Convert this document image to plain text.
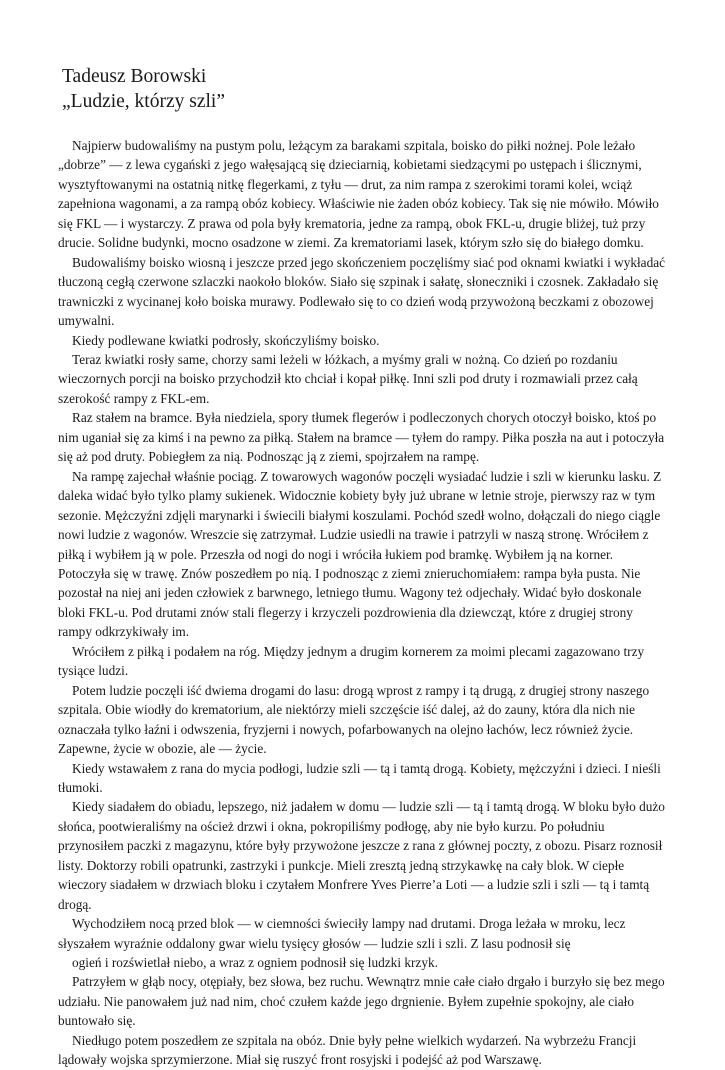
Tadeusz Borowski
„Ludzie, którzy szli”

Najpierw budowaliśmy na pustym polu, leżącym za barakami szpitala, boisko do piłki nożnej. Pole leżało „dobrze” — z lewa cygański z jego wałęsającą się dzieciarnią, kobietami siedzącymi po ustępach i ślicznymi, wysztyftowanymi na ostatnią nitkę flegerkami, z tyłu — drut, za nim rampa z szerokimi torami kolei, wciąż zapełniona wagonami, a za rampą obóz kobiecy. Właściwie nie żaden obóz kobiecy. Tak się nie mówiło. Mówiło się FKL — i wystarczy. Z prawa od pola były krematoria, jedne za rampą, obok FKL-u, drugie bliżej, tuż przy drucie. Solidne budynki, mocno osadzone w ziemi. Za krematoriami lasek, którym szło się do białego domku.

Budowaliśmy boisko wiosną i jeszcze przed jego skończeniem poczęliśmy siać pod oknami kwiatki i wykładać tłuczoną cegłą czerwone szlaczki naokoło bloków. Siało się szpinak i sałatę, słoneczniki i czosnek. Zakładało się trawniczki z wycinanej koło boiska murawy. Podlewało się to co dzień wodą przywożoną beczkami z obozowej umywalni.

Kiedy podlewane kwiatki podrosły, skończyliśmy boisko.

Teraz kwiatki rosły same, chorzy sami leżeli w łóżkach, a myśmy grali w nożną. Co dzień po rozdaniu wieczornych porcji na boisko przychodził kto chciał i kopał piłkę. Inni szli pod druty i rozmawiali przez całą szerokość rampy z FKL-em.

Raz stałem na bramce. Była niedziela, spory tłumek flegerów i podleczonych chorych otoczył boisko, ktoś po nim uganiał się za kimś i na pewno za piłką. Stałem na bramce — tyłem do rampy. Piłka poszła na aut i potoczyła się aż pod druty. Pobiegłem za nią. Podnosząc ją z ziemi, spojrzałem na rampę.

Na rampę zajechał właśnie pociąg. Z towarowych wagonów poczęli wysiadać ludzie i szli w kierunku lasku. Z daleka widać było tylko plamy sukienek. Widocznie kobiety były już ubrane w letnie stroje, pierwszy raz w tym sezonie. Mężczyźni zdjęli marynarki i świecili białymi koszulami. Pochód szedł wolno, dołączali do niego ciągle nowi ludzie z wagonów. Wreszcie się zatrzymał. Ludzie usiedli na trawie i patrzyli w naszą stronę. Wróciłem z piłką i wybiłem ją w pole. Przeszła od nogi do nogi i wróciła łukiem pod bramkę. Wybiłem ją na korner. Potoczyła się w trawę. Znów poszedłem po nią. I podnosząc z ziemi znieruchomiałem: rampa była pusta. Nie pozostał na niej ani jeden człowiek z barwnego, letniego tłumu. Wagony też odjechały. Widać było doskonale bloki FKL-u. Pod drutami znów stali flegerzy i krzyczeli pozdrowienia dla dziewcząt, które z drugiej strony rampy odkrzykiwały im.

Wróciłem z piłką i podałem na róg. Między jednym a drugim kornerem za moimi plecami zagazowano trzy tysiące ludzi.

Potem ludzie poczęli iść dwiema drogami do lasu: drogą wprost z rampy i tą drugą, z drugiej strony naszego szpitala. Obie wiodły do krematorium, ale niektórzy mieli szczęście iść dalej, aż do zauny, która dla nich nie oznaczała tylko łaźni i odwszenia, fryzjerni i nowych, pofarbowanych na olejno łachów, lecz również życie. Zapewne, życie w obozie, ale — życie.

Kiedy wstawałem z rana do mycia podłogi, ludzie szli — tą i tamtą drogą. Kobiety, mężczyźni i dzieci. I nieśli tłumoki.

Kiedy siadałem do obiadu, lepszego, niż jadałem w domu — ludzie szli — tą i tamtą drogą. W bloku było dużo słońca, pootwieraliśmy na oścież drzwi i okna, pokropiliśmy podłogę, aby nie było kurzu. Po południu przynosiłem paczki z magazynu, które były przywożone jeszcze z rana z głównej poczty, z obozu. Pisarz roznosił listy. Doktorzy robili opatrunki, zastrzyki i punkcje. Mieli zresztą jedną strzykawkę na cały blok. W ciepłe wieczory siadałem w drzwiach bloku i czytałem Monfrere Yves Pierre’a Loti — a ludzie szli i szli — tą i tamtą drogą.

Wychodziłem nocą przed blok — w ciemności świeciły lampy nad drutami. Droga leżała w mroku, lecz słyszałem wyraźnie oddalony gwar wielu tysięcy głosów — ludzie szli i szli. Z lasu podnosił się

ogień i rozświetlał niebo, a wraz z ogniem podnosił się ludzki krzyk.

Patrzyłem w głąb nocy, otępiały, bez słowa, bez ruchu. Wewnątrz mnie całe ciało drgało i burzyło się bez mego udziału. Nie panowałem już nad nim, choć czułem każde jego drgnienie. Byłem zupełnie spokojny, ale ciało buntowało się.

Niedługo potem poszedłem ze szpitala na obóz. Dnie były pełne wielkich wydarzeń. Na wybrzeżu Francji lądowały wojska sprzymierzone. Miał się ruszyć front rosyjski i podejść aż pod Warszawę.
